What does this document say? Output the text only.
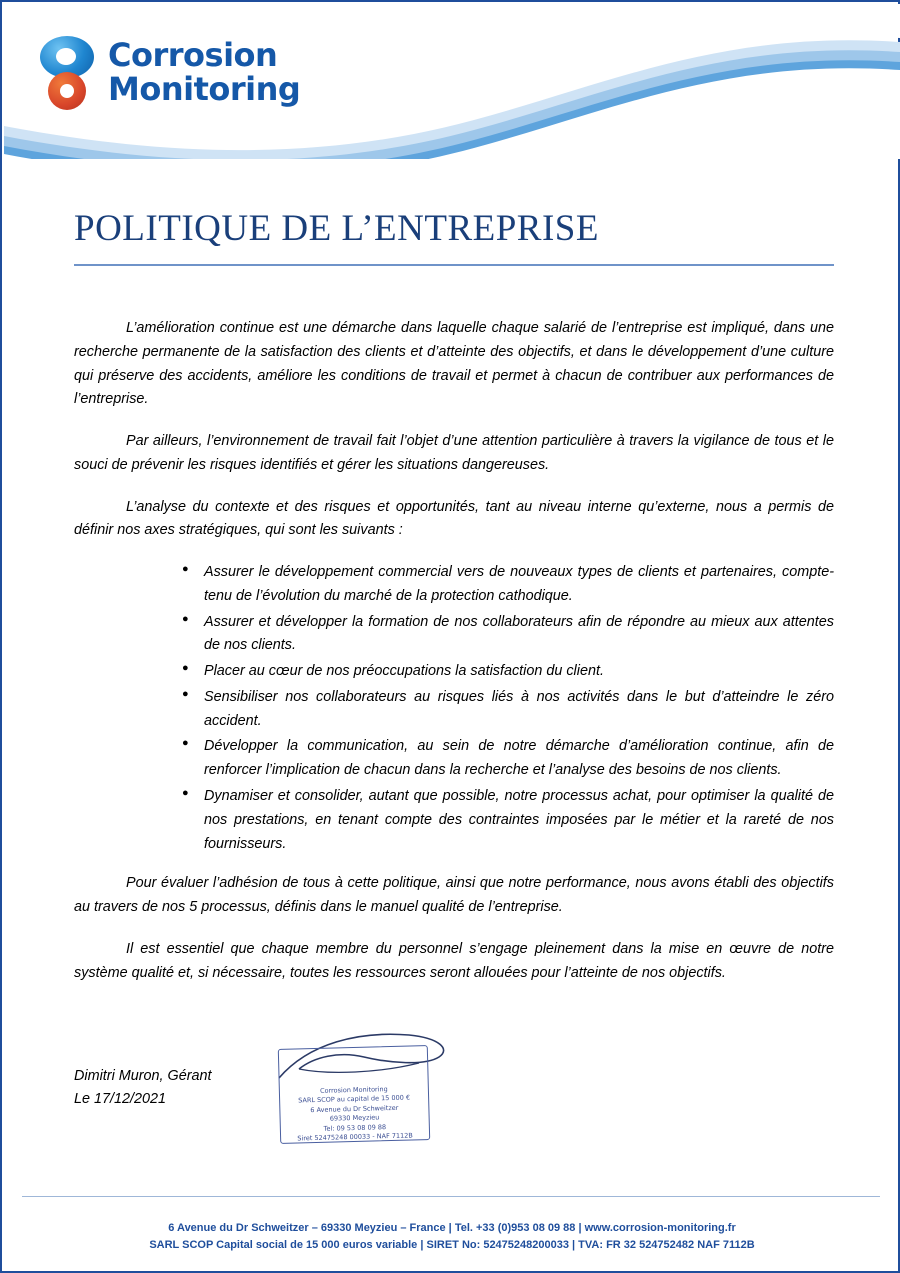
Corrosion
Monitoring
POLITIQUE DE L’ENTREPRISE

L’amélioration continue est une démarche dans laquelle chaque salarié de l’entreprise est impliqué, dans une recherche permanente de la satisfaction des clients et d’atteinte des objectifs, et dans le développement d’une culture qui préserve des accidents, améliore les conditions de travail et permet à chacun de contribuer aux performances de l’entreprise.

Par ailleurs, l’environnement de travail fait l’objet d’une attention particulière à travers la vigilance de tous et le souci de prévenir les risques identifiés et gérer les situations dangereuses.

L’analyse du contexte et des risques et opportunités, tant au niveau interne qu’externe, nous a permis de définir nos axes stratégiques, qui sont les suivants :

● Assurer le développement commercial vers de nouveaux types de clients et partenaires, compte-tenu de l’évolution du marché de la protection cathodique.
● Assurer et développer la formation de nos collaborateurs afin de répondre au mieux aux attentes de nos clients.
● Placer au cœur de nos préoccupations la satisfaction du client.
● Sensibiliser nos collaborateurs au risques liés à nos activités dans le but d’atteindre le zéro accident.
● Développer la communication, au sein de notre démarche d’amélioration continue, afin de renforcer l’implication de chacun dans la recherche et l’analyse des besoins de nos clients.
● Dynamiser et consolider, autant que possible, notre processus achat, pour optimiser la qualité de nos prestations, en tenant compte des contraintes imposées par le métier et la rareté de nos fournisseurs.

Pour évaluer l’adhésion de tous à cette politique, ainsi que notre performance, nous avons établi des objectifs au travers de nos 5 processus, définis dans le manuel qualité de l’entreprise.

Il est essentiel que chaque membre du personnel s’engage pleinement dans la mise en œuvre de notre système qualité et, si nécessaire, toutes les ressources seront allouées pour l’atteinte de nos objectifs.

Dimitri Muron, Gérant
Le 17/12/2021
Corrosion Monitoring
SARL SCOP au capital de 15 000 €
6 Avenue du Dr Schweitzer
69330 Meyzieu
Tel: 09 53 08 09 88
Siret 52475248 00033 - NAF 7112B
6 Avenue du Dr Schweitzer – 69330 Meyzieu – France | Tel. +33 (0)953 08 09 88 | www.corrosion-monitoring.fr
SARL SCOP Capital social de 15 000 euros variable | SIRET No: 52475248200033 | TVA: FR 32 524752482 NAF 7112B
